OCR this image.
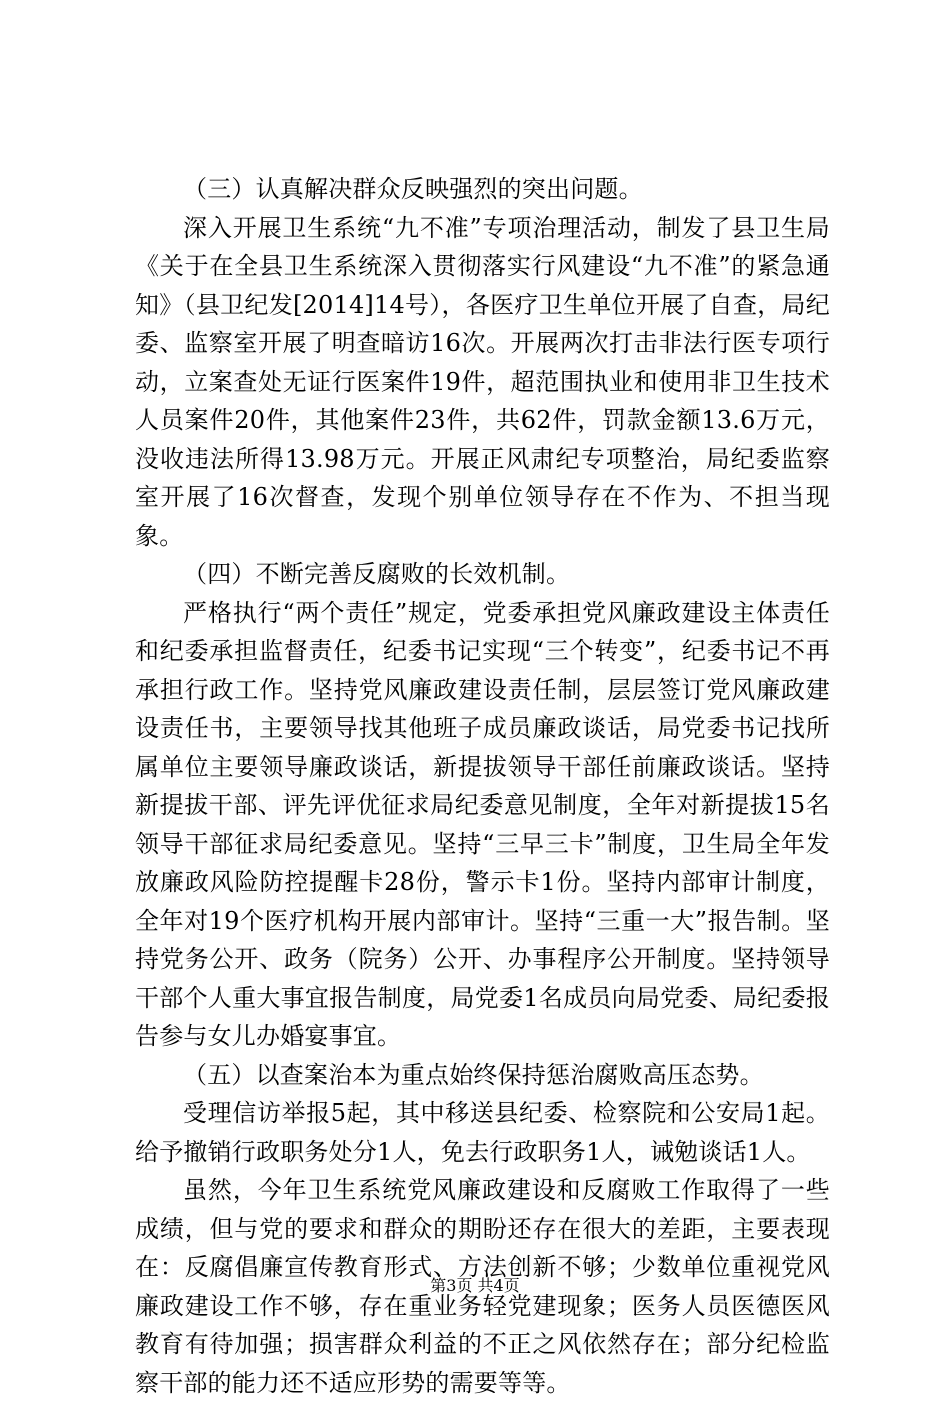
（三）认真解决群众反映强烈的突出问题。

深入开展卫生系统“九不准”专项治理活动，制发了县卫生局《关于在全县卫生系统深入贯彻落实行风建设“九不准”的紧急通知》（县卫纪发[2014]14号），各医疗卫生单位开展了自查，局纪委、监察室开展了明查暗访16次。开展两次打击非法行医专项行动，立案查处无证行医案件19件，超范围执业和使用非卫生技术人员案件20件，其他案件23件，共62件，罚款金额13.6万元，没收违法所得13.98万元。开展正风肃纪专项整治，局纪委监察室开展了16次督查，发现个别单位领导存在不作为、不担当现象。

（四）不断完善反腐败的长效机制。

严格执行“两个责任”规定，党委承担党风廉政建设主体责任和纪委承担监督责任，纪委书记实现“三个转变”，纪委书记不再承担行政工作。坚持党风廉政建设责任制，层层签订党风廉政建设责任书，主要领导找其他班子成员廉政谈话，局党委书记找所属单位主要领导廉政谈话，新提拔领导干部任前廉政谈话。坚持新提拔干部、评先评优征求局纪委意见制度，全年对新提拔15名领导干部征求局纪委意见。坚持“三早三卡”制度，卫生局全年发放廉政风险防控提醒卡28份，警示卡1份。坚持内部审计制度，全年对19个医疗机构开展内部审计。坚持“三重一大”报告制。坚持党务公开、政务（院务）公开、办事程序公开制度。坚持领导干部个人重大事宜报告制度，局党委1名成员向局党委、局纪委报告参与女儿办婚宴事宜。

（五）以查案治本为重点始终保持惩治腐败高压态势。

受理信访举报5起，其中移送县纪委、检察院和公安局1起。给予撤销行政职务处分1人，免去行政职务1人，诫勉谈话1人。

虽然，今年卫生系统党风廉政建设和反腐败工作取得了一些成绩，但与党的要求和群众的期盼还存在很大的差距，主要表现在：反腐倡廉宣传教育形式、方法创新不够；少数单位重视党风廉政建设工作不够，存在重业务轻党建现象；医务人员医德医风教育有待加强；损害群众利益的不正之风依然存在；部分纪检监察干部的能力还不适应形势的需要等等。

第3页 共4页
